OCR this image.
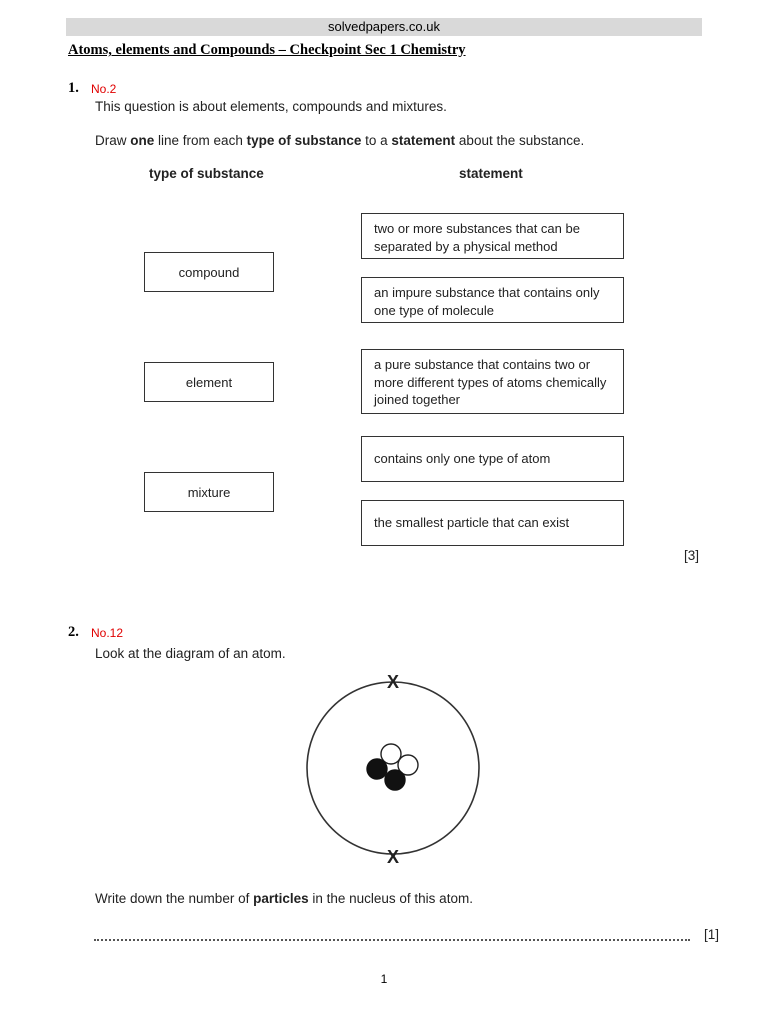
solvedpapers.co.uk
Atoms, elements and Compounds – Checkpoint Sec 1 Chemistry
1. No.2
This question is about elements, compounds and mixtures.
Draw one line from each type of substance to a statement about the substance.
type of substance	statement
compound
element
mixture
two or more substances that can be separated by a physical method
an impure substance that contains only one type of molecule
a pure substance that contains two or more different types of atoms chemically joined together
contains only one type of atom
the smallest particle that can exist
[3]
2. No.12
Look at the diagram of an atom.
X
X
Write down the number of particles in the nucleus of this atom.
[1]
1
